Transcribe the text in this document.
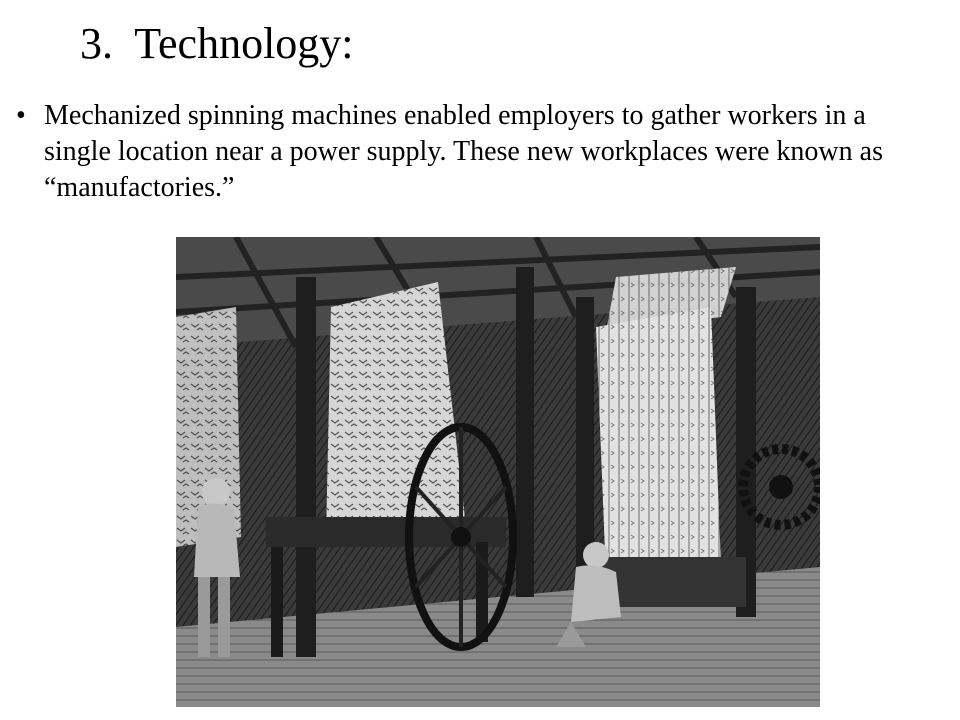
3.  Technology:
• Mechanized spinning machines enabled employers to gather workers in a single location near a power supply. These new workplaces were known as “manufactories.”
